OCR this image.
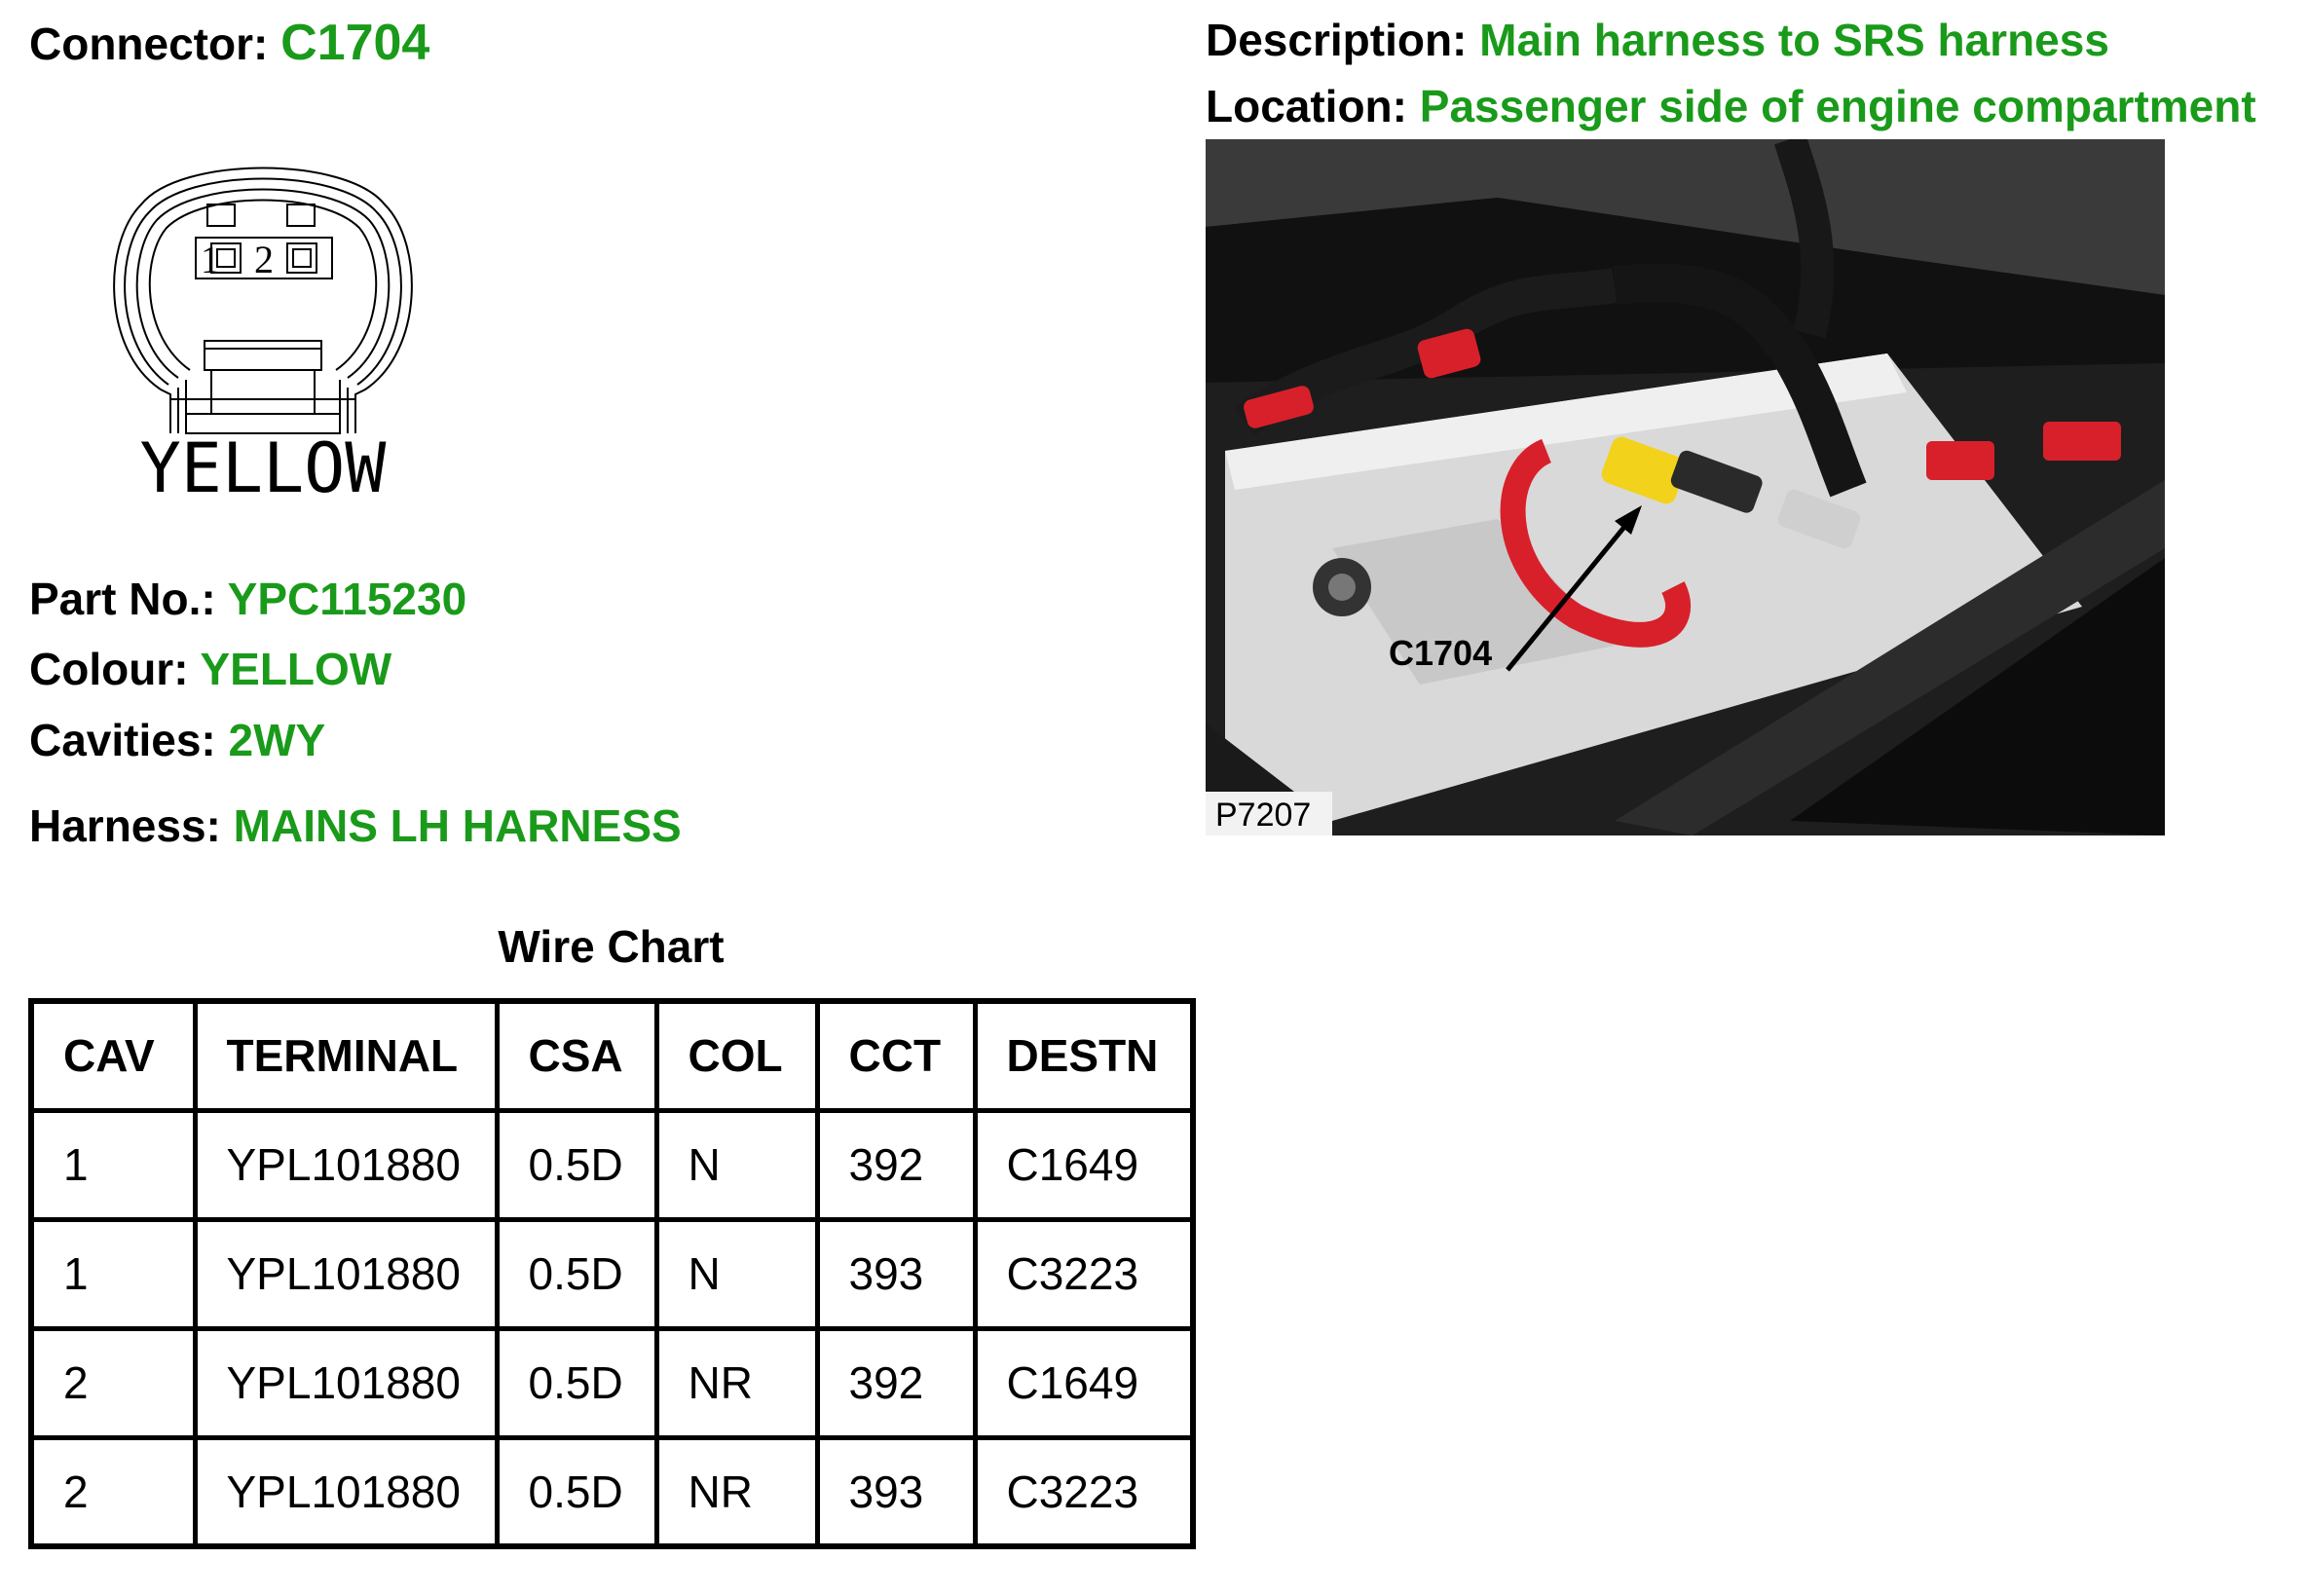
Connector: C1704	Description: Main harness to SRS harness
Location: Passenger side of engine compartment
1 2
YELLOW
Part No.: YPC115230
Colour: YELLOW
Cavities: 2WY
Harness: MAINS LH HARNESS
C1704
P7207
Wire Chart
CAV	TERMINAL	CSA	COL	CCT	DESTN
1	YPL101880	0.5D	N	392	C1649
1	YPL101880	0.5D	N	393	C3223
2	YPL101880	0.5D	NR	392	C1649
2	YPL101880	0.5D	NR	393	C3223
